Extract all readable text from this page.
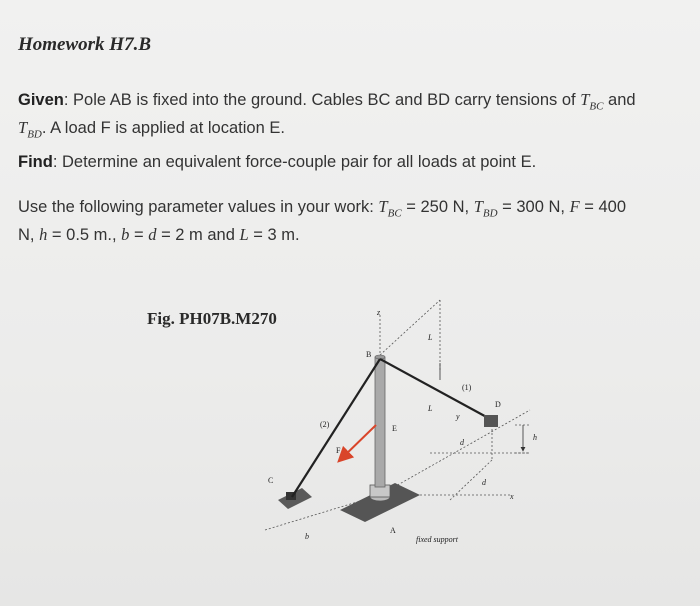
Homework H7.B
Given: Pole AB is fixed into the ground. Cables BC and BD carry tensions of $T_{BC}$ and
$T_{BD}$. A load F is applied at location E.
Find: Determine an equivalent force-couple pair for all loads at point E.
Use the following parameter values in your work: $T_{BC} = 250$ N, $T_{BD} = 300$ N, F = 400
N, h = 0.5 m., b = d = 2 m and L = 3 m.
Fig. PH07B.M270	z
B
L
(1)
L
y
D
(2)	E
F
d
h
C	d
x
b
A
fixed support
